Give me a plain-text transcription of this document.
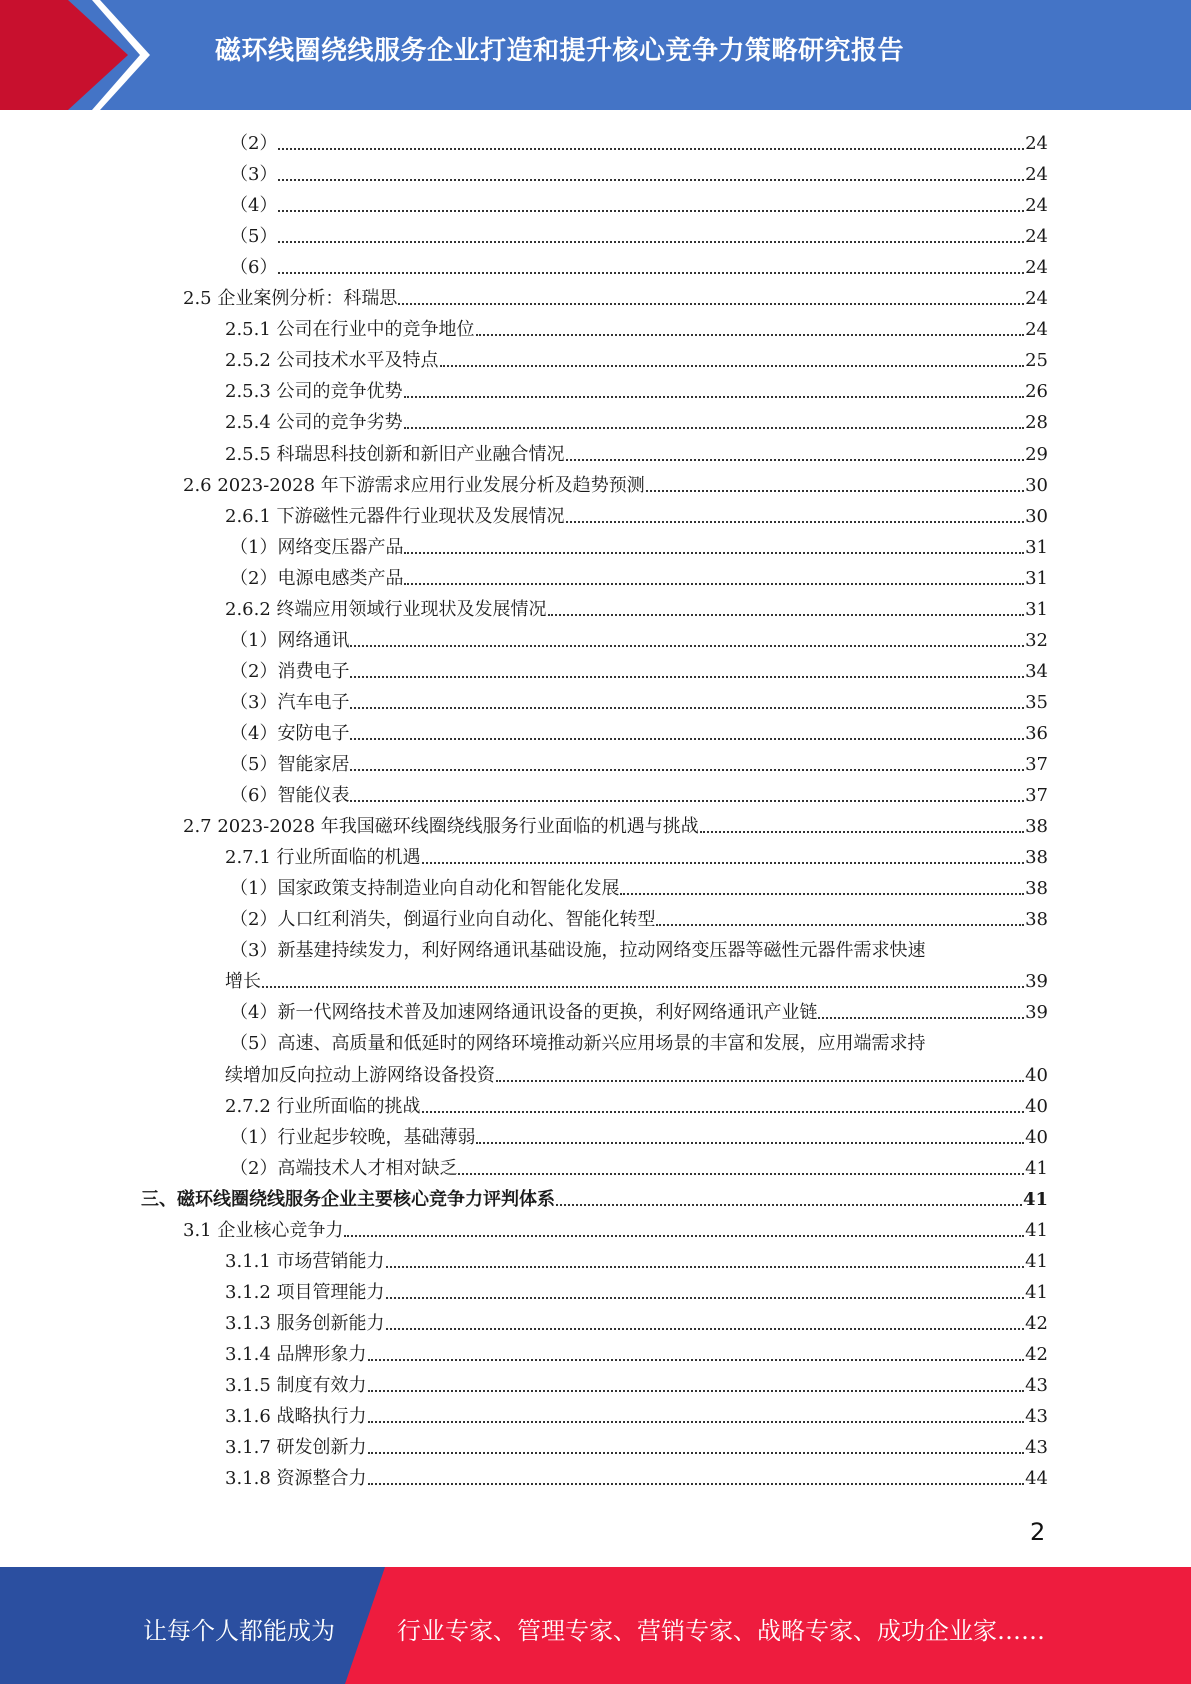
磁环线圈绕线服务企业打造和提升核心竞争力策略研究报告
（2）	24
（3）	24
（4）	24
（5）	24
（6）	24
2.5 企业案例分析：科瑞思	24
2.5.1 公司在行业中的竞争地位	24
2.5.2 公司技术水平及特点	25
2.5.3 公司的竞争优势	26
2.5.4 公司的竞争劣势	28
2.5.5 科瑞思科技创新和新旧产业融合情况	29
2.6 2023-2028 年下游需求应用行业发展分析及趋势预测	30
2.6.1 下游磁性元器件行业现状及发展情况	30
（1）网络变压器产品	31
（2）电源电感类产品	31
2.6.2 终端应用领域行业现状及发展情况	31
（1）网络通讯	32
（2）消费电子	34
（3）汽车电子	35
（4）安防电子	36
（5）智能家居	37
（6）智能仪表	37
2.7 2023-2028 年我国磁环线圈绕线服务行业面临的机遇与挑战	38
2.7.1 行业所面临的机遇	38
（1）国家政策支持制造业向自动化和智能化发展	38
（2）人口红利消失，倒逼行业向自动化、智能化转型	38
（3）新基建持续发力，利好网络通讯基础设施，拉动网络变压器等磁性元器件需求快速
增长	39
（4）新一代网络技术普及加速网络通讯设备的更换，利好网络通讯产业链	39
（5）高速、高质量和低延时的网络环境推动新兴应用场景的丰富和发展，应用端需求持
续增加反向拉动上游网络设备投资	40
2.7.2 行业所面临的挑战	40
（1）行业起步较晚，基础薄弱	40
（2）高端技术人才相对缺乏	41
三、磁环线圈绕线服务企业主要核心竞争力评判体系	41
3.1 企业核心竞争力	41
3.1.1 市场营销能力	41
3.1.2 项目管理能力	41
3.1.3 服务创新能力	42
3.1.4 品牌形象力	42
3.1.5 制度有效力	43
3.1.6 战略执行力	43
3.1.7 研发创新力	43
3.1.8 资源整合力	44
2
让每个人都能成为	行业专家、管理专家、营销专家、战略专家、成功企业家……
